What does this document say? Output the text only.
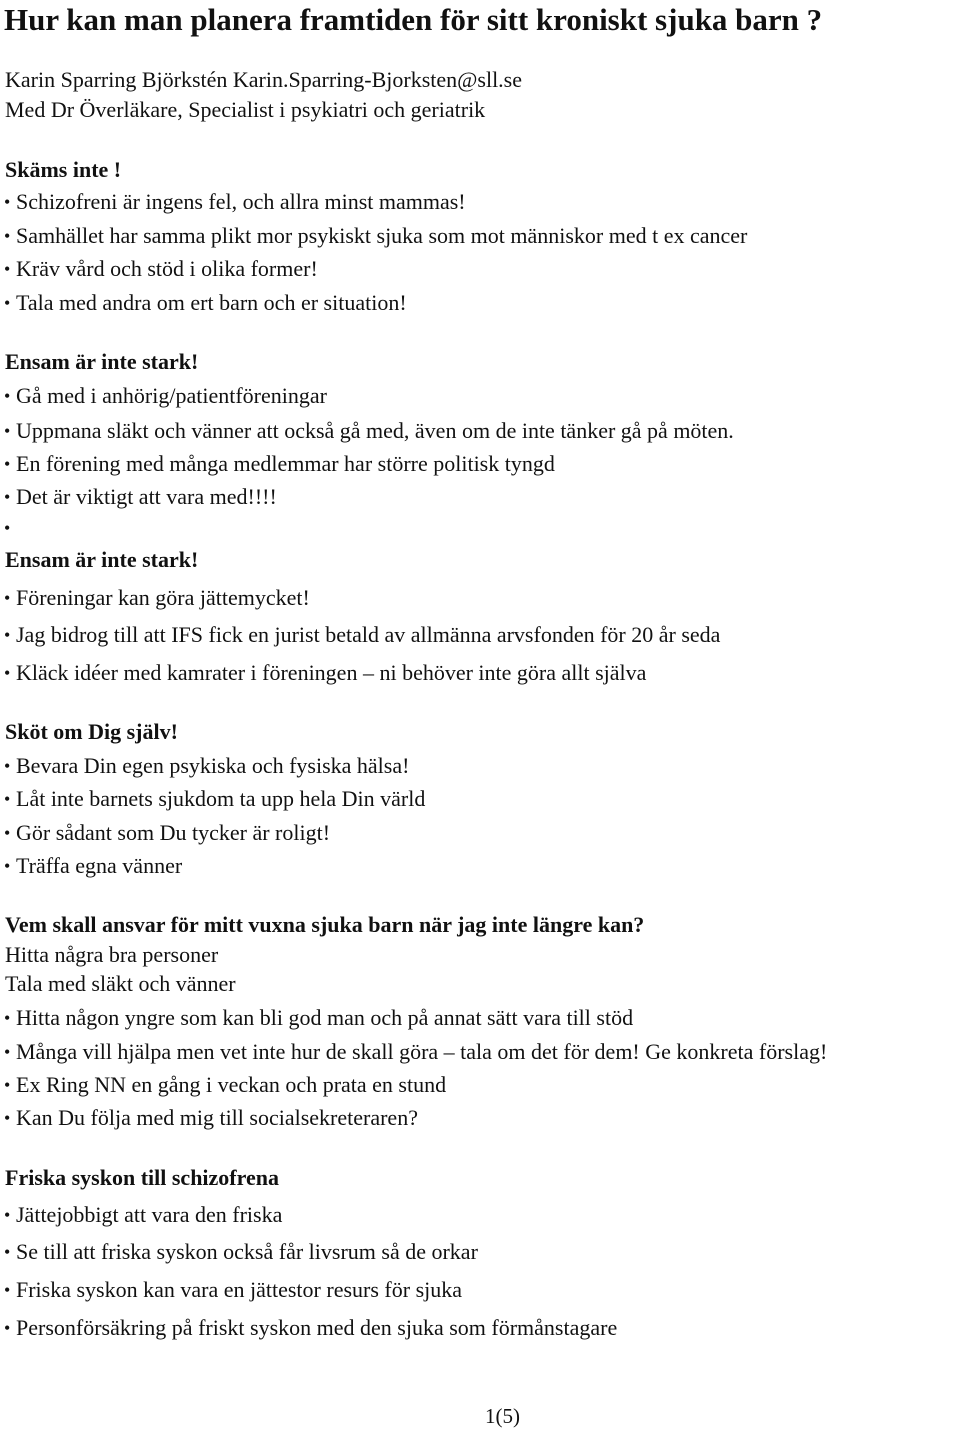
Hur kan man planera framtiden för sitt kroniskt sjuka barn ?
Karin Sparring Björkstén Karin.Sparring-Bjorksten@sll.se
Med Dr Överläkare, Specialist i psykiatri och geriatrik
Skäms inte !
• Schizofreni är ingens fel, och allra minst mammas!
• Samhället har samma plikt mor psykiskt sjuka som mot människor med t ex cancer
• Kräv vård och stöd i olika former!
• Tala med andra om ert barn och er situation!
Ensam är inte stark!
• Gå med i anhörig/patientföreningar
• Uppmana släkt och vänner att också gå med, även om de inte tänker gå på möten.
• En förening med många medlemmar har större politisk tyngd
• Det är viktigt att vara med!!!!
•
Ensam är inte stark!
• Föreningar kan göra jättemycket!
• Jag bidrog till att IFS fick en jurist betald av allmänna arvsfonden för 20 år seda
• Kläck idéer med kamrater i föreningen – ni behöver inte göra allt själva
Sköt om Dig själv!
• Bevara Din egen psykiska och fysiska hälsa!
• Låt inte barnets sjukdom ta upp hela Din värld
• Gör sådant som Du tycker är roligt!
• Träffa egna vänner
Vem skall ansvar för mitt vuxna sjuka barn när jag inte längre kan?
Hitta några bra personer
Tala med släkt och vänner
• Hitta någon yngre som kan bli god man och på annat sätt vara till stöd
• Många vill hjälpa men vet inte hur de skall göra – tala om det för dem! Ge konkreta förslag!
• Ex Ring NN en gång i veckan och prata en stund
• Kan Du följa med mig till socialsekreteraren?
Friska syskon till schizofrena
• Jättejobbigt att vara den friska
• Se till att friska syskon också får livsrum så de orkar
• Friska syskon kan vara en jättestor resurs för sjuka
• Personförsäkring på friskt syskon med den sjuka som förmånstagare
1(5)
